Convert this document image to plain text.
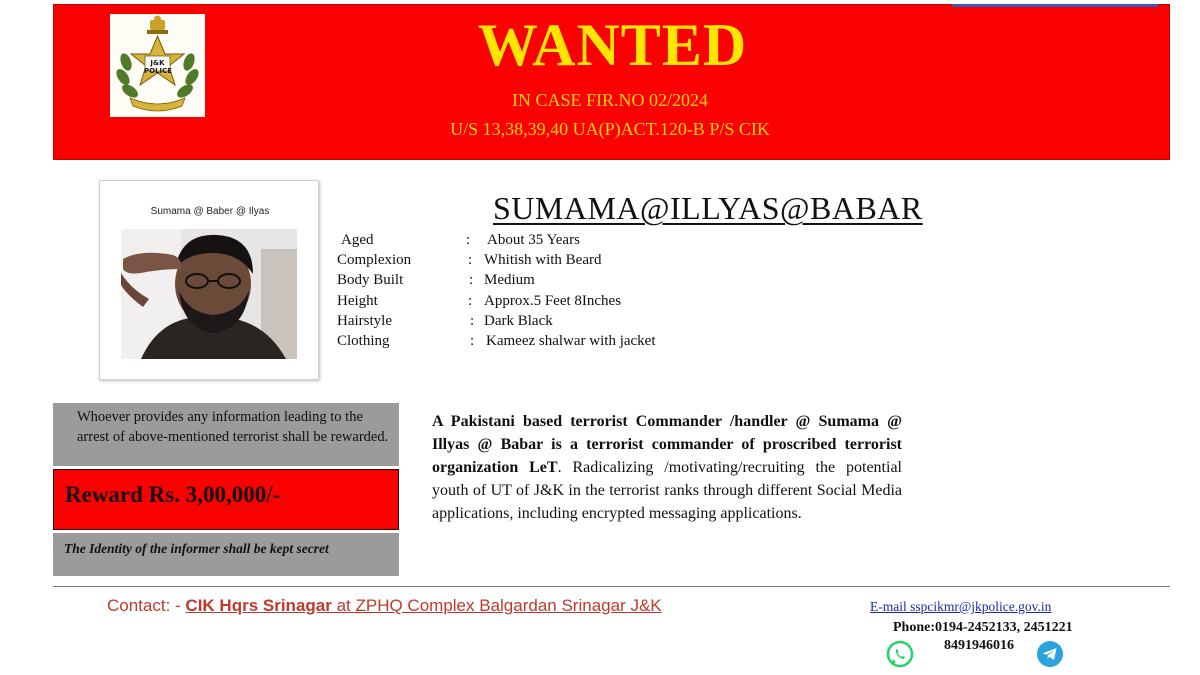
J&K POLICE	WANTED
IN CASE FIR.NO 02/2024
U/S 13,38,39,40 UA(P)ACT.120-B P/S CIK
Sumama @ Baber @ Ilyas	SUMAMA@ILLYAS@BABAR
Aged	: About 35 Years
Complexion	: Whitish with Beard
Body Built	: Medium
Height	: Approx.5 Feet 8Inches
Hairstyle	: Dark Black
Clothing	: Kameez shalwar with jacket
Whoever provides any information leading to the arrest of above-mentioned terrorist shall be rewarded.
Reward Rs. 3,00,000/-
The Identity of the informer shall be kept secret
A Pakistani based terrorist Commander /handler @ Sumama @ Illyas @ Babar is a terrorist commander of proscribed terrorist organization LeT. Radicalizing /motivating/recruiting the potential youth of UT of J&K in the terrorist ranks through different Social Media applications, including encrypted messaging applications.
Contact: - CIK Hqrs Srinagar at ZPHQ Complex Balgardan Srinagar J&K	E-mail sspcikmr@jkpolice.gov.in
Phone:0194-2452133, 2451221
8491946016
